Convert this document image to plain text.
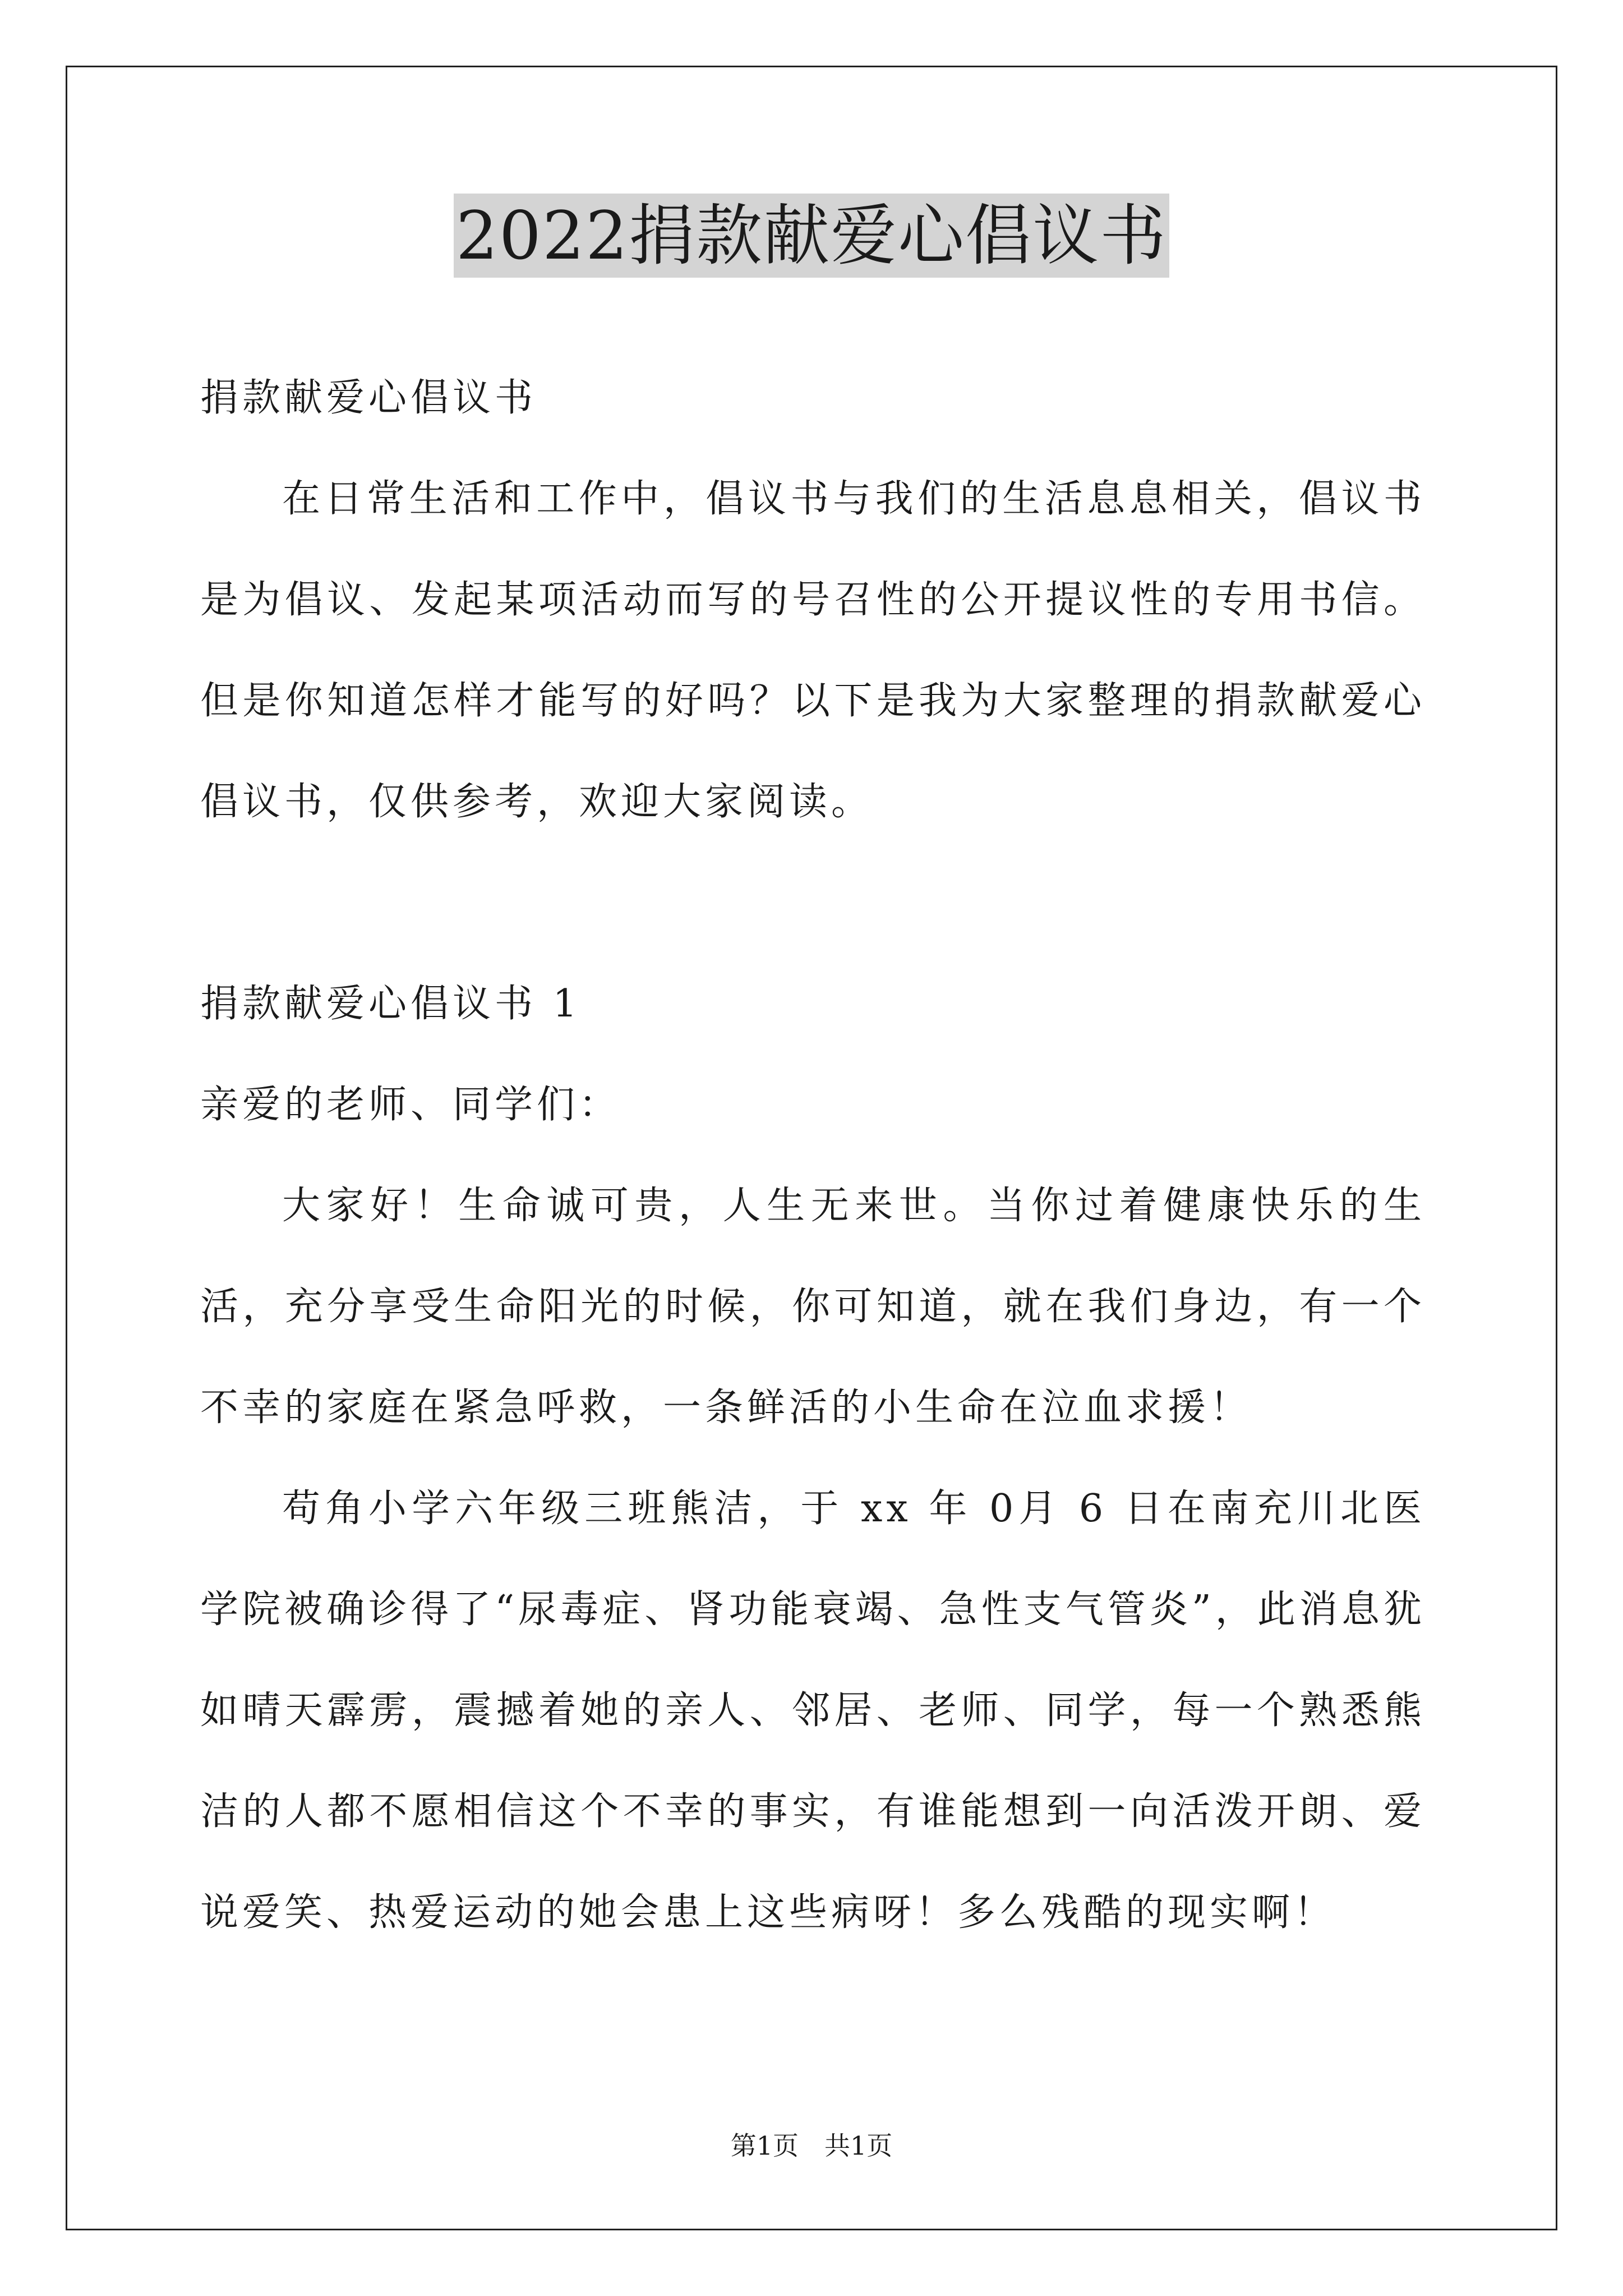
2022捐款献爱心倡议书

捐款献爱心倡议书

在日常生活和工作中，倡议书与我们的生活息息相关，倡议书是为倡议、发起某项活动而写的号召性的公开提议性的专用书信。但是你知道怎样才能写的好吗？以下是我为大家整理的捐款献爱心倡议书，仅供参考，欢迎大家阅读。

捐款献爱心倡议书 1

亲爱的老师、同学们：

大家好！生命诚可贵，人生无来世。当你过着健康快乐的生活，充分享受生命阳光的时候，你可知道，就在我们身边，有一个不幸的家庭在紧急呼救，一条鲜活的小生命在泣血求援！

苟角小学六年级三班熊洁，于 xx 年 0月 6 日在南充川北医学院被确诊得了“尿毒症、肾功能衰竭、急性支气管炎”，此消息犹如晴天霹雳，震撼着她的亲人、邻居、老师、同学，每一个熟悉熊洁的人都不愿相信这个不幸的事实，有谁能想到一向活泼开朗、爱说爱笑、热爱运动的她会患上这些病呀！多么残酷的现实啊！

第1页　共1页
